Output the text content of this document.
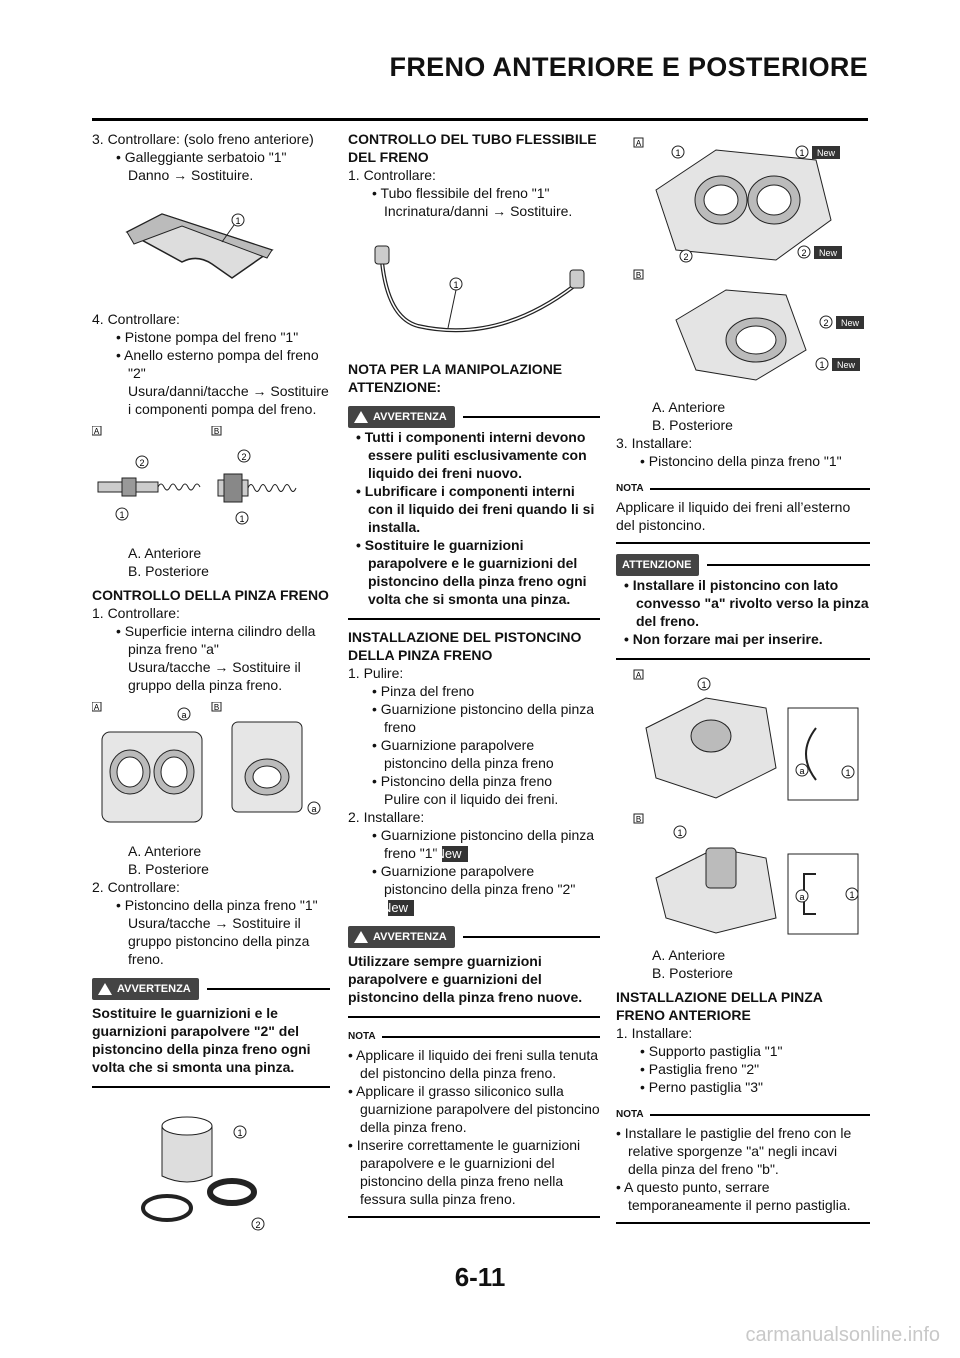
FRENO ANTERIORE E POSTERIORE

3. Controllare: (solo freno anteriore)

• Galleggiante serbatoio "1"

Danno → Sostituire.

1

4. Controllare:

• Pistone pompa del freno "1"

• Anello esterno pompa del freno "2"

Usura/danni/tacche → Sostituire i componenti pompa del freno.

A	B
2
1
2
1

A. Anteriore

B. Posteriore

CONTROLLO DELLA PINZA FRENO

1. Controllare:

• Superficie interna cilindro della pinza freno "a"

Usura/tacche → Sostituire il gruppo della pinza freno.

A	B
a
a

A. Anteriore

B. Posteriore

2. Controllare:

• Pistoncino della pinza freno "1"

Usura/tacche → Sostituire il gruppo pistoncino della pinza freno.

AVVERTENZA

Sostituire le guarnizioni e le guarnizioni parapolvere "2" del pistoncino della pinza freno ogni volta che si smonta una pinza.

1
2

CONTROLLO DEL TUBO FLESSIBILE DEL FRENO

1. Controllare:

• Tubo flessibile del freno "1"

Incrinatura/danni → Sostituire.

1

NOTA PER LA MANIPOLAZIONE ATTENZIONE:

AVVERTENZA

• Tutti i componenti interni devono essere puliti esclusivamente con liquido dei freni nuovo.

• Lubrificare i componenti interni con il liquido dei freni quando li si installa.

• Sostituire le guarnizioni parapolvere e le guarnizioni del pistoncino della pinza freno ogni volta che si smonta una pinza.

INSTALLAZIONE DEL PISTONCINO DELLA PINZA FRENO

1. Pulire:

• Pinza del freno

• Guarnizione pistoncino della pinza freno

• Guarnizione parapolvere pistoncino della pinza freno

• Pistoncino della pinza freno

Pulire con il liquido dei freni.

2. Installare:

• Guarnizione pistoncino della pinza freno "1"New

• Guarnizione parapolvere pistoncino della pinza freno "2"New

AVVERTENZA

Utilizzare sempre guarnizioni parapolvere e guarnizioni del pistoncino della pinza freno nuove.

NOTA

• Applicare il liquido dei freni sulla tenuta del pistoncino della pinza freno.

• Applicare il grasso siliconico sulla guarnizione parapolvere del pistoncino della pinza freno.

• Inserire correttamente le guarnizioni parapolvere e le guarnizioni del pistoncino della pinza freno nella fessura sulla pinza freno.

A
1	1 New
2	2 New
B
2 New
1 New

A. Anteriore

B. Posteriore

3. Installare:

• Pistoncino della pinza freno "1"

NOTA

Applicare il liquido dei freni all’esterno del pistoncino.

ATTENZIONE

• Installare il pistoncino con lato convesso "a" rivolto verso la pinza del freno.

• Non forzare mai per inserire.

A
1
a	1
B
1
a	1

A. Anteriore

B. Posteriore

INSTALLAZIONE DELLA PINZA FRENO ANTERIORE

1. Installare:

• Supporto pastiglia "1"

• Pastiglia freno "2"

• Perno pastiglia "3"

NOTA

• Installare le pastiglie del freno con le relative sporgenze "a" negli incavi della pinza del freno "b".

• A questo punto, serrare temporaneamente il perno pastiglia.

6-11
carmanualsonline.info
